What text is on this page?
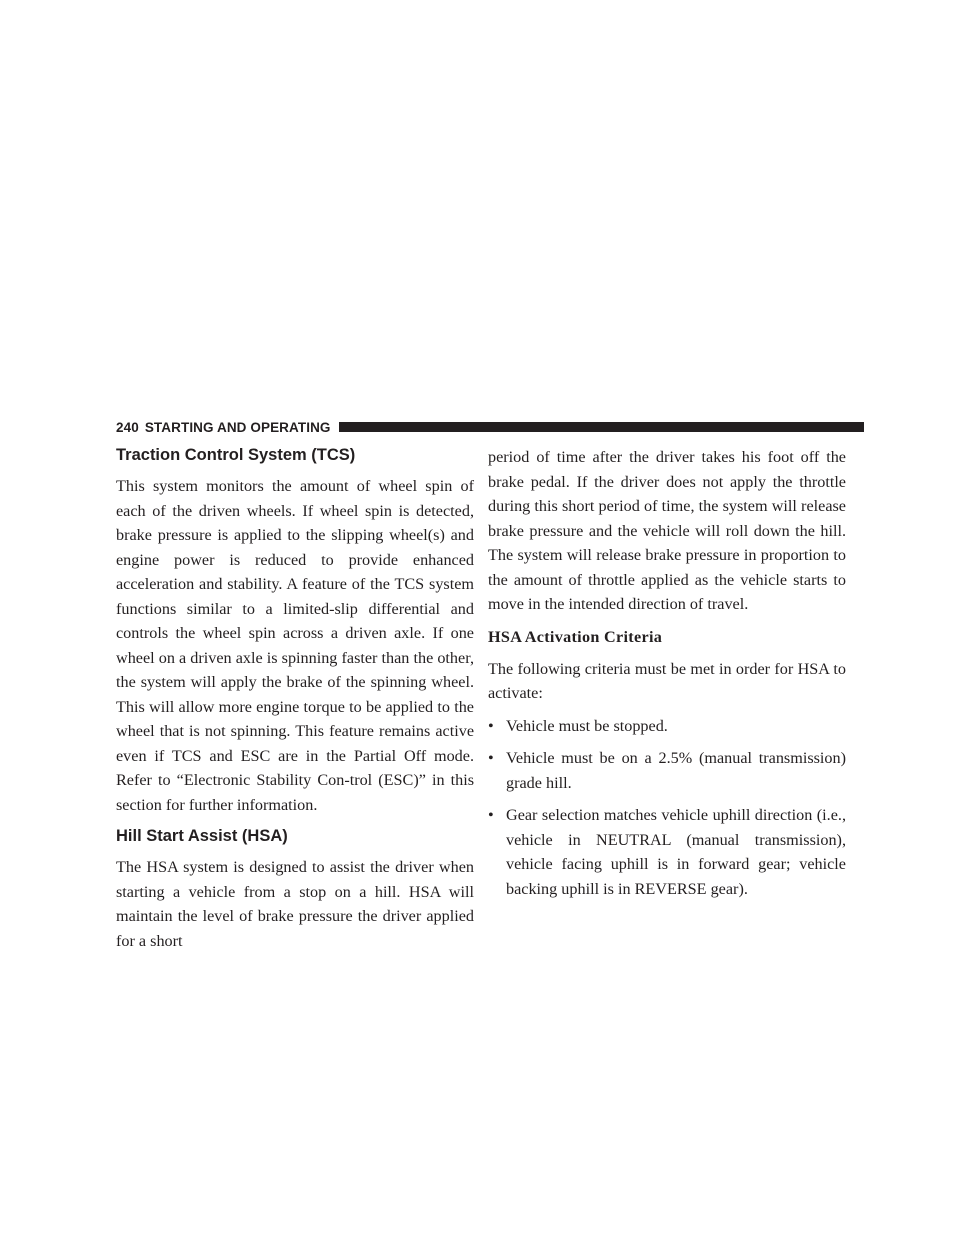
240 STARTING AND OPERATING
Traction Control System (TCS)

This system monitors the amount of wheel spin of each of the driven wheels. If wheel spin is detected, brake pressure is applied to the slipping wheel(s) and engine power is reduced to provide enhanced acceleration and stability. A feature of the TCS system functions similar to a limited-slip differential and controls the wheel spin across a driven axle. If one wheel on a driven axle is spinning faster than the other, the system will apply the brake of the spinning wheel. This will allow more engine torque to be applied to the wheel that is not spinning. This feature remains active even if TCS and ESC are in the Partial Off mode. Refer to “Electronic Stability Con-trol (ESC)” in this section for further information.

Hill Start Assist (HSA)

The HSA system is designed to assist the driver when starting a vehicle from a stop on a hill. HSA will maintain the level of brake pressure the driver applied for a short

period of time after the driver takes his foot off the brake pedal. If the driver does not apply the throttle during this short period of time, the system will release brake pressure and the vehicle will roll down the hill. The system will release brake pressure in proportion to the amount of throttle applied as the vehicle starts to move in the intended direction of travel.

HSA Activation Criteria

The following criteria must be met in order for HSA to activate:

• Vehicle must be stopped.
• Vehicle must be on a 2.5% (manual transmission) grade hill.
• Gear selection matches vehicle uphill direction (i.e., vehicle in NEUTRAL (manual transmission), vehicle facing uphill is in forward gear; vehicle backing uphill is in REVERSE gear).
